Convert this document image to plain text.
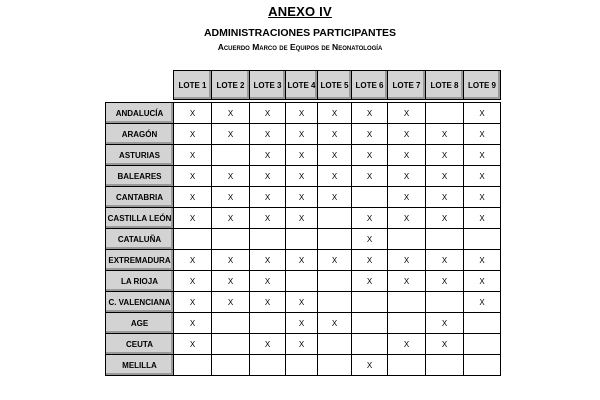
ANEXO IV
ADMINISTRACIONES PARTICIPANTES
Acuerdo Marco de Equipos de Neonatología
	LOTE 1	LOTE 2	LOTE 3	LOTE 4	LOTE 5	LOTE 6	LOTE 7	LOTE 8	LOTE 9

ANDALUCÍA	X	X	X	X	X	X	X		X
ARAGÓN	X	X	X	X	X	X	X	X	X
ASTURIAS	X		X	X	X	X	X	X	X
BALEARES	X	X	X	X	X	X	X	X	X
CANTABRIA	X	X	X	X	X		X	X	X
CASTILLA LEÓN	X	X	X	X		X	X	X	X
CATALUÑA						X			
EXTREMADURA	X	X	X	X	X	X	X	X	X
LA RIOJA	X	X	X			X	X	X	X
C. VALENCIANA	X	X	X	X					X
AGE	X			X	X			X	
CEUTA	X		X	X			X	X	
MELILLA						X			
